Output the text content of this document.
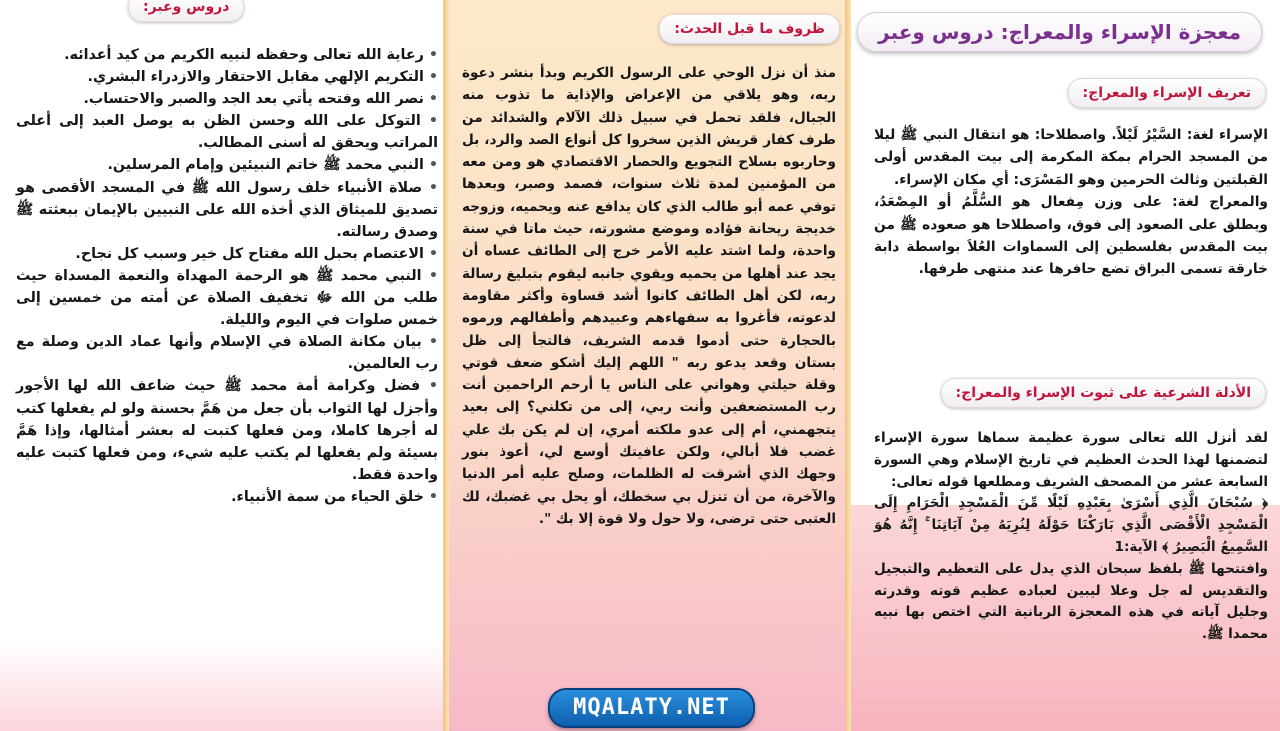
دروس وعبر:

• رعاية الله تعالى وحفظه لنبيه الكريم من كيد أعدائه.

• التكريم الإلهي مقابل الاحتقار والازدراء البشري.

• نصر الله وفتحه يأتي بعد الجد والصبر والاحتساب.

• التوكل على الله وحسن الظن به يوصل العبد إلى أعلى المراتب ويحقق له أسنى المطالب.

• النبي محمد ﷺ خاتم النبيئين وإمام المرسلين.

• صلاة الأنبياء خلف رسول الله ﷺ في المسجد الأقصى هو تصديق للميثاق الذي أخذه الله على النبيين بالإيمان ببعثته ﷺ وصدق رسالته.

• الاعتصام بحبل الله مفتاح كل خير وسبب كل نجاح.

• النبي محمد ﷺ هو الرحمة المهداة والنعمة المسداة حيث طلب من الله ﷻ تخفيف الصلاة عن أمته من خمسين إلى خمس صلوات في اليوم والليلة.

• بيان مكانة الصلاة في الإسلام وأنها عماد الدين وصلة مع رب العالمين.

• فضل وكرامة أمة محمد ﷺ حيث ضاعف الله لها الأجور وأجزل لها الثواب بأن جعل من هَمَّ بحسنة ولو لم يفعلها كتب له أجرها كاملا، ومن فعلها كتبت له بعشر أمثالها، وإذا هَمَّ بسيئة ولم يفعلها لم يكتب عليه شيء، ومن فعلها كتبت عليه واحدة فقط.

• خلق الحياء من سمة الأنبياء.

ظروف ما قبل الحدث:
منذ أن نزل الوحي على الرسول الكريم وبدأ بنشر دعوة ربه، وهو يلاقي من الإعراض والإذاية ما تذوب منه الجبال، فلقد تحمل في سبيل ذلك الآلام والشدائد من طرف كفار قريش الذين سخروا كل أنواع الصد والرد، بل وحاربوه بسلاح التجويع والحصار الاقتصادي هو ومن معه من المؤمنين لمدة ثلاث سنوات، فصمد وصبر، وبعدها توفي عمه أبو طالب الذي كان يدافع عنه ويحميه، وزوجه خديجة ريحانة فؤاده وموضع مشورته، حيث ماتا في سنة واحدة، ولما اشتد عليه الأمر خرج إلى الطائف عساه أن يجد عند أهلها من يحميه ويقوي جانبه ليقوم بتبليغ رسالة ربه، لكن أهل الطائف كانوا أشد قساوة وأكثر مقاومة لدعوته، فأغروا به سفهاءهم وعبيدهم وأطفالهم ورموه بالحجارة حتى أدموا قدمه الشريف، فالتجأ إلى ظل بستان وقعد يدعو ربه " اللهم إليك أشكو ضعف قوتي وقلة حيلتي وهواني على الناس يا أرحم الراحمين أنت رب المستضعفين وأنت ربي، إلى من تكلني؟ إلى بعيد يتجهمني، أم إلى عدو ملكته أمري، إن لم يكن بك علي غضب فلا أبالي، ولكن عافيتك أوسع لي، أعوذ بنور وجهك الذي أشرقت له الظلمات، وصلح عليه أمر الدنيا والآخرة، من أن تنزل بي سخطك، أو يحل بي غضبك، لك العتبى حتى ترضى، ولا حول ولا قوة إلا بك ".
معجزة الإسراء والمعراج: دروس وعبر
تعريف الإسراء والمعراج:

الإسراء لغة: السَّيْرُ لَيْلاً. واصطلاحا: هو انتقال النبي ﷺ ليلا من المسجد الحرام بمكة المكرمة إلى بيت المقدس أولى القبلتين وثالث الحرمين وهو المَسْرَى: أي مكان الإسراء.

والمعراج لغة: على وزن مِفعال هو السُّلَّمُ أو المِصْعَدُ، ويطلق على الصعود إلى فوق، واصطلاحا هو صعوده ﷺ من بيت المقدس بفلسطين إلى السماوات العُلاَ بواسطة دابة خارقة تسمى البراق تضع حافرها عند منتهى طرفها.

الأدلة الشرعية على ثبوت الإسراء والمعراج:

لقد أنزل الله تعالى سورة عظيمة سماها سورة الإسراء لتضمنها لهذا الحدث العظيم في تاريخ الإسلام وهي السورة السابعة عشر من المصحف الشريف ومطلعها قوله تعالى:

﴿ سُبْحَانَ الَّذِي أَسْرَىٰ بِعَبْدِهِ لَيْلًا مِّنَ الْمَسْجِدِ الْحَرَامِ إِلَى الْمَسْجِدِ الْأَقْصَى الَّذِي بَارَكْنَا حَوْلَهُ لِنُرِيَهُ مِنْ آيَاتِنَا ۚ إِنَّهُ هُوَ السَّمِيعُ الْبَصِيرُ ﴾ الآية:1

وافتتحها ﷺ بلفظ سبحان الذي يدل على التعظيم والتبجيل والتقديس له جل وعلا ليبين لعباده عظيم قوته وقدرته وجليل آياته في هذه المعجزة الربانية التي اختص بها نبيه محمدا ﷺ.

MQALATY.NET
